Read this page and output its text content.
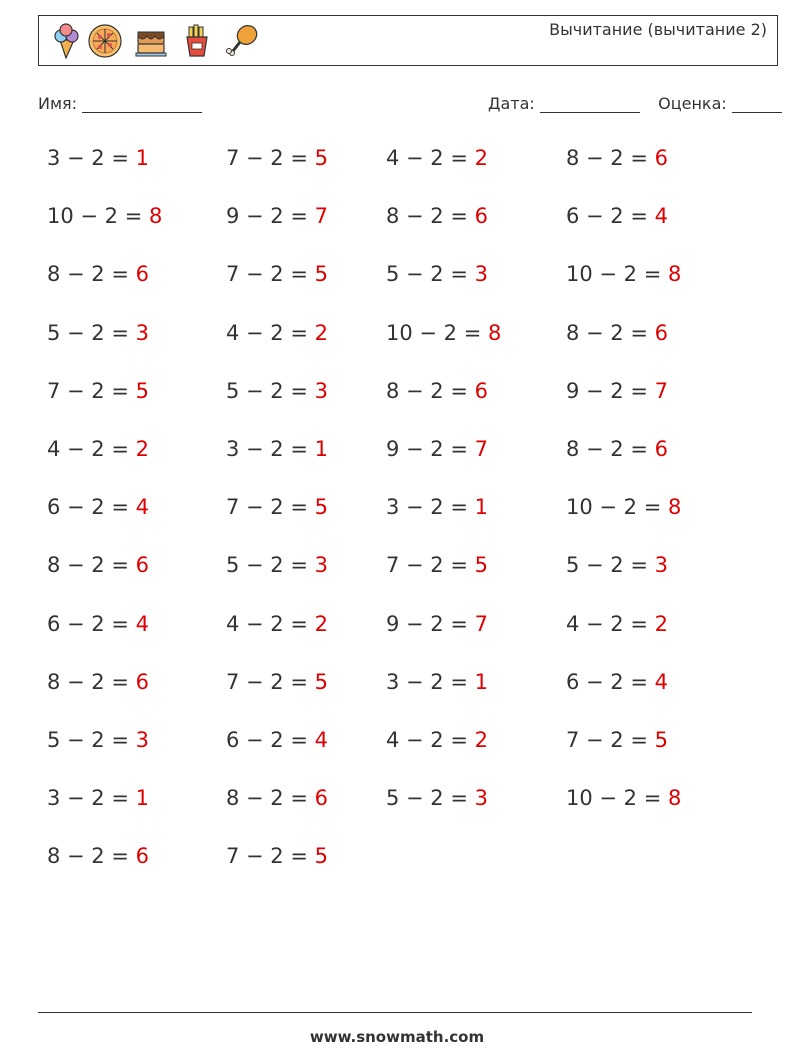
Вычитание (вычитание 2)
Имя:	Дата:	Оценка:
3 − 2 = 1	7 − 2 = 5	4 − 2 = 2	8 − 2 = 6
10 − 2 = 8	9 − 2 = 7	8 − 2 = 6	6 − 2 = 4
8 − 2 = 6	7 − 2 = 5	5 − 2 = 3	10 − 2 = 8
5 − 2 = 3	4 − 2 = 2	10 − 2 = 8	8 − 2 = 6
7 − 2 = 5	5 − 2 = 3	8 − 2 = 6	9 − 2 = 7
4 − 2 = 2	3 − 2 = 1	9 − 2 = 7	8 − 2 = 6
6 − 2 = 4	7 − 2 = 5	3 − 2 = 1	10 − 2 = 8
8 − 2 = 6	5 − 2 = 3	7 − 2 = 5	5 − 2 = 3
6 − 2 = 4	4 − 2 = 2	9 − 2 = 7	4 − 2 = 2
8 − 2 = 6	7 − 2 = 5	3 − 2 = 1	6 − 2 = 4
5 − 2 = 3	6 − 2 = 4	4 − 2 = 2	7 − 2 = 5
3 − 2 = 1	8 − 2 = 6	5 − 2 = 3	10 − 2 = 8
8 − 2 = 6	7 − 2 = 5
www.snowmath.com
